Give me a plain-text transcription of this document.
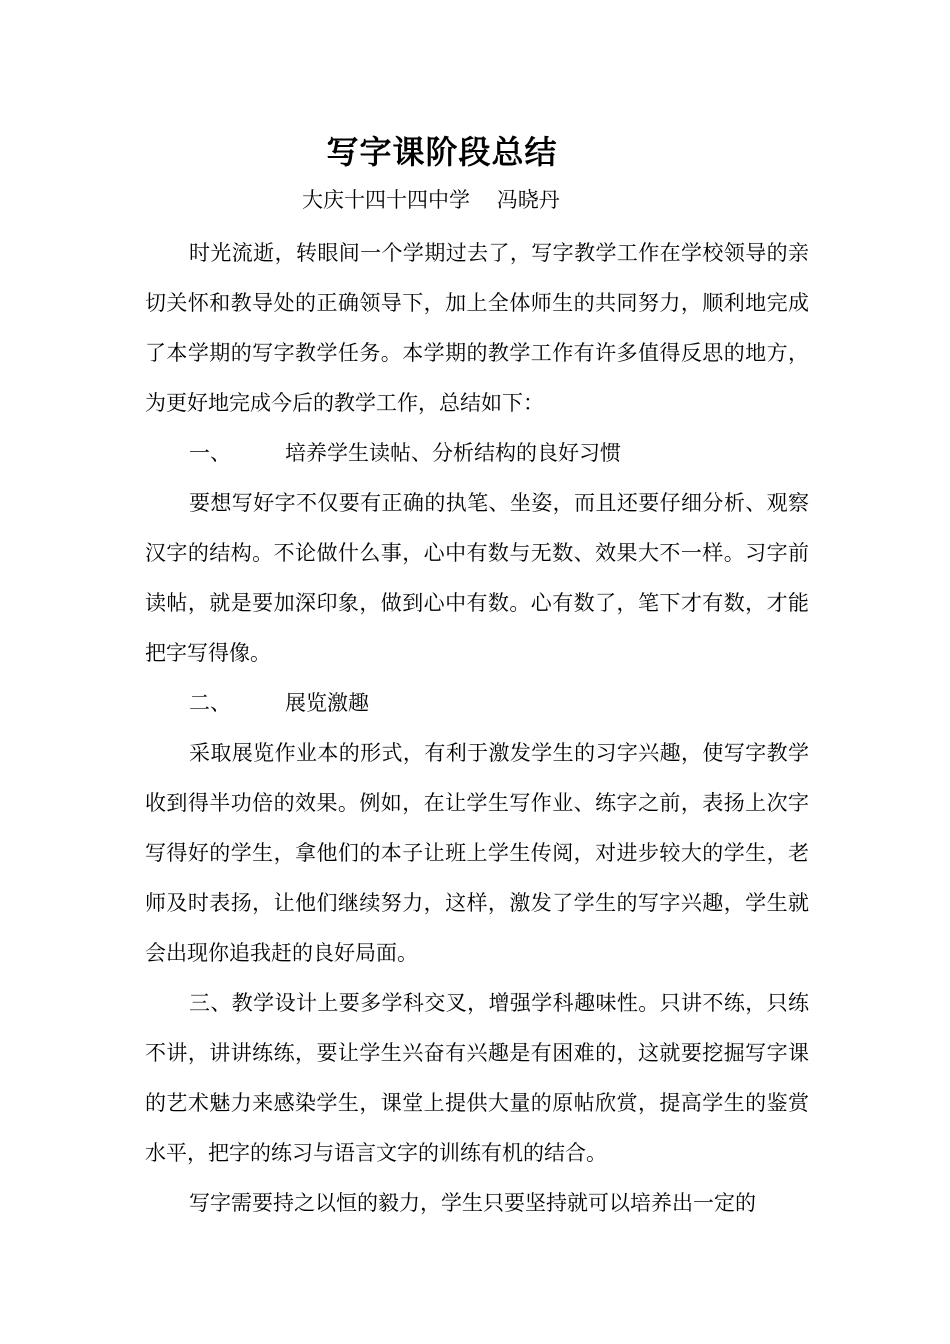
写字课阶段总结
大庆十四十四中学    冯晓丹

时光流逝，转眼间一个学期过去了，写字教学工作在学校领导的亲切关怀和教导处的正确领导下，加上全体师生的共同努力，顺利地完成了本学期的写字教学任务。本学期的教学工作有许多值得反思的地方，为更好地完成今后的教学工作，总结如下：

一、	培养学生读帖、分析结构的良好习惯

要想写好字不仅要有正确的执笔、坐姿，而且还要仔细分析、观察汉字的结构。不论做什么事，心中有数与无数、效果大不一样。习字前读帖，就是要加深印象，做到心中有数。心有数了，笔下才有数，才能把字写得像。

二、	展览激趣

采取展览作业本的形式，有利于激发学生的习字兴趣，使写字教学收到得半功倍的效果。例如，在让学生写作业、练字之前，表扬上次字写得好的学生，拿他们的本子让班上学生传阅，对进步较大的学生，老师及时表扬，让他们继续努力，这样，激发了学生的写字兴趣，学生就会出现你追我赶的良好局面。

三、教学设计上要多学科交叉，增强学科趣味性。只讲不练，只练不讲，讲讲练练，要让学生兴奋有兴趣是有困难的，这就要挖掘写字课的艺术魅力来感染学生，课堂上提供大量的原帖欣赏，提高学生的鉴赏水平，把字的练习与语言文字的训练有机的结合。

写字需要持之以恒的毅力，学生只要坚持就可以培养出一定的
